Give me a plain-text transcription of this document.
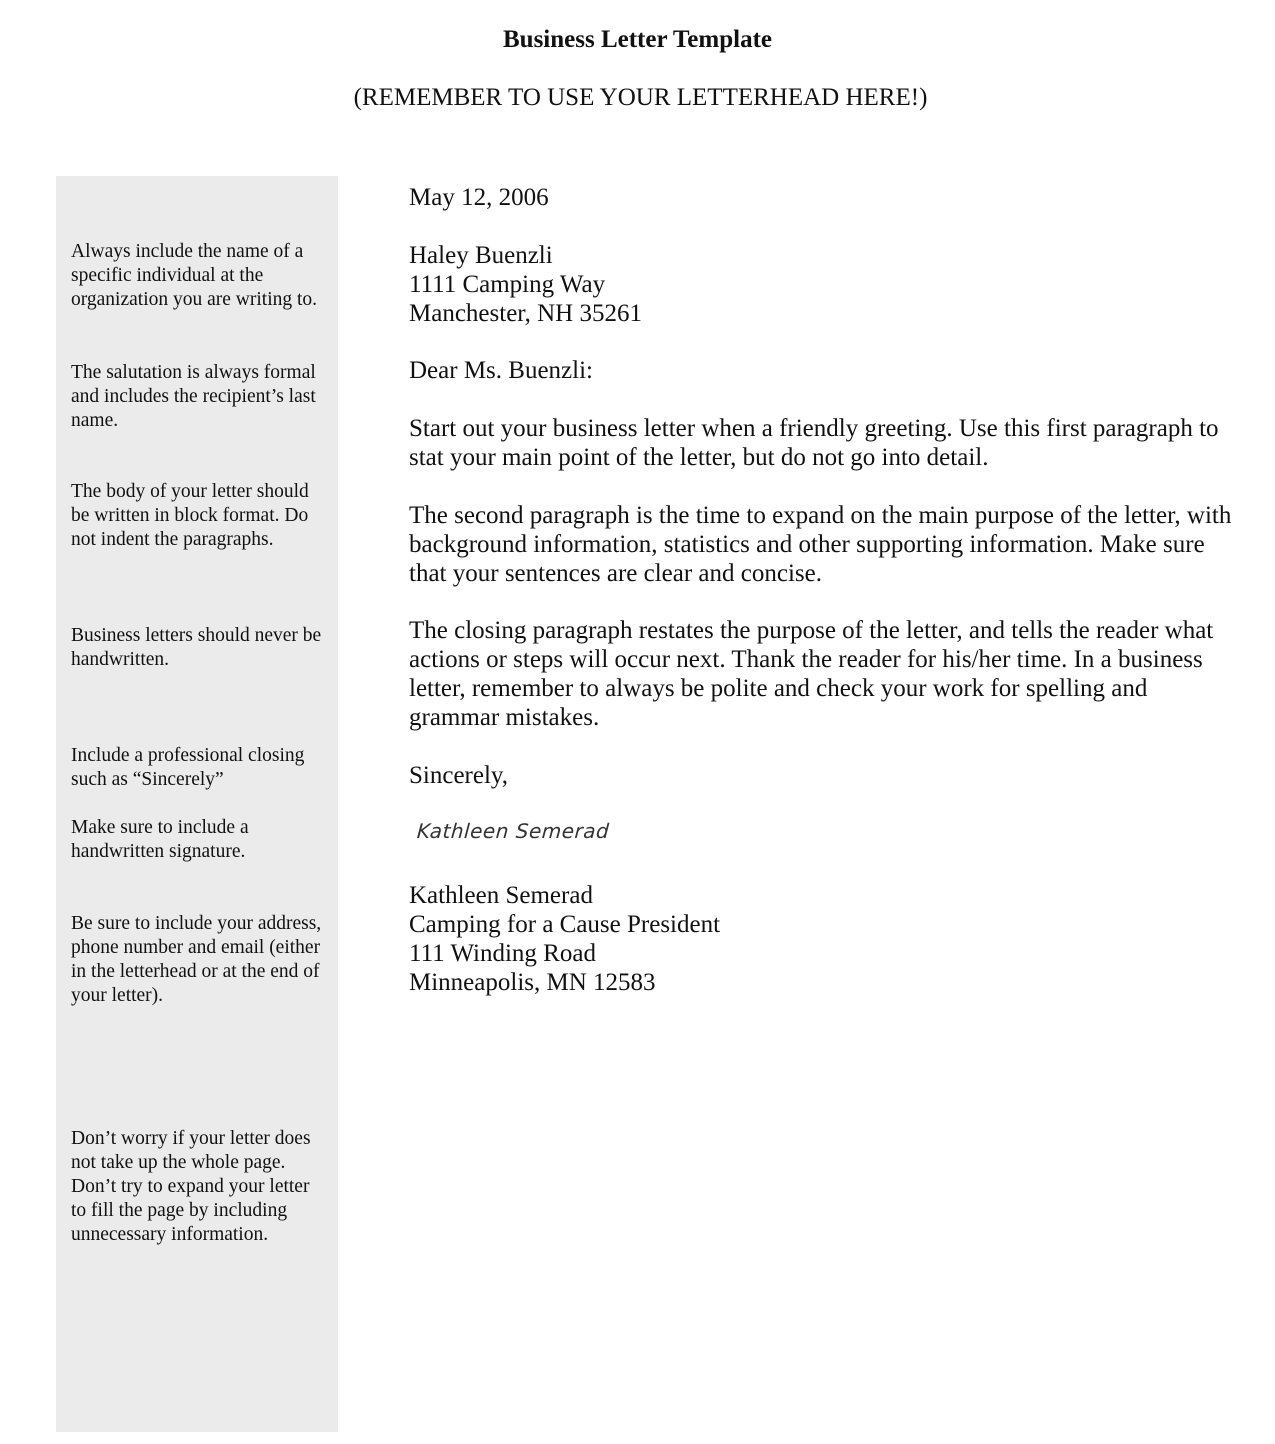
Business Letter Template

(REMEMBER TO USE YOUR LETTERHEAD HERE!)

Always include the name of a specific individual at the organization you are writing to.

The salutation is always formal and includes the recipient’s last name.

The body of your letter should be written in block format. Do not indent the paragraphs.

Business letters should never be handwritten.

Include a professional closing such as “Sincerely”

Make sure to include a handwritten signature.

Be sure to include your address, phone number and email (either in the letterhead or at the end of your letter).

Don’t worry if your letter does not take up the whole page. Don’t try to expand your letter to fill the page by including unnecessary information.

May 12, 2006

Haley Buenzli
1111 Camping Way
Manchester, NH 35261

Dear Ms. Buenzli:

Start out your business letter when a friendly greeting. Use this first paragraph to stat your main point of the letter, but do not go into detail.

The second paragraph is the time to expand on the main purpose of the letter, with background information, statistics and other supporting information. Make sure that your sentences are clear and concise.

The closing paragraph restates the purpose of the letter, and tells the reader what actions or steps will occur next. Thank the reader for his/her time. In a business letter, remember to always be polite and check your work for spelling and grammar mistakes.

Sincerely,

Kathleen Semerad
Kathleen Semerad
Camping for a Cause President
111 Winding Road
Minneapolis, MN 12583
